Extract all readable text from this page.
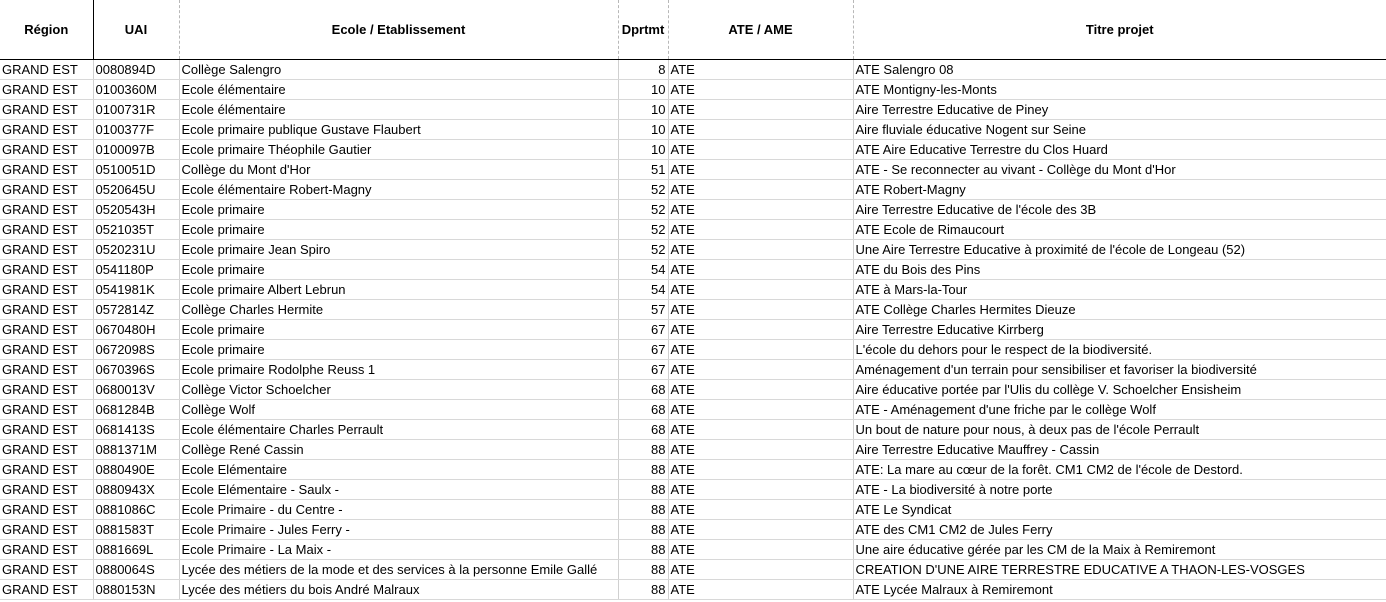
Région	UAI	Ecole / Etablissement	Dprtmt	ATE / AME	Titre projet
GRAND EST	0080894D	Collège Salengro	8	ATE	ATE Salengro 08
GRAND EST	0100360M	Ecole élémentaire	10	ATE	ATE Montigny-les-Monts
GRAND EST	0100731R	Ecole élémentaire	10	ATE	Aire Terrestre Educative de Piney
GRAND EST	0100377F	Ecole primaire publique Gustave Flaubert	10	ATE	Aire fluviale éducative Nogent sur Seine
GRAND EST	0100097B	Ecole primaire Théophile Gautier	10	ATE	ATE Aire Educative Terrestre du Clos Huard
GRAND EST	0510051D	Collège du Mont d'Hor	51	ATE	ATE - Se reconnecter au vivant - Collège du Mont d'Hor
GRAND EST	0520645U	Ecole élémentaire Robert-Magny	52	ATE	ATE Robert-Magny
GRAND EST	0520543H	Ecole primaire	52	ATE	Aire Terrestre Educative de l'école des 3B
GRAND EST	0521035T	Ecole primaire	52	ATE	ATE Ecole de Rimaucourt
GRAND EST	0520231U	Ecole primaire Jean Spiro	52	ATE	Une Aire Terrestre Educative à proximité de l'école de Longeau (52)
GRAND EST	0541180P	Ecole primaire	54	ATE	ATE du Bois des Pins
GRAND EST	0541981K	Ecole primaire Albert Lebrun	54	ATE	ATE à Mars-la-Tour
GRAND EST	0572814Z	Collège Charles Hermite	57	ATE	ATE Collège Charles Hermites Dieuze
GRAND EST	0670480H	Ecole primaire	67	ATE	Aire Terrestre Educative Kirrberg
GRAND EST	0672098S	Ecole primaire	67	ATE	L'école du dehors pour le respect de la biodiversité.
GRAND EST	0670396S	Ecole primaire Rodolphe Reuss 1	67	ATE	Aménagement d'un terrain pour sensibiliser et favoriser la biodiversité
GRAND EST	0680013V	Collège Victor Schoelcher	68	ATE	Aire éducative portée par l'Ulis du collège V. Schoelcher Ensisheim
GRAND EST	0681284B	Collège Wolf	68	ATE	ATE - Aménagement d'une friche par le collège Wolf
GRAND EST	0681413S	Ecole élémentaire Charles Perrault	68	ATE	Un bout de nature pour nous, à deux pas de l'école Perrault
GRAND EST	0881371M	Collège René Cassin	88	ATE	Aire Terrestre Educative Mauffrey - Cassin
GRAND EST	0880490E	Ecole Elémentaire	88	ATE	ATE: La mare au cœur de la forêt. CM1 CM2 de l'école de Destord.
GRAND EST	0880943X	Ecole Elémentaire - Saulx -	88	ATE	ATE - La biodiversité à notre porte
GRAND EST	0881086C	Ecole Primaire - du Centre -	88	ATE	ATE Le Syndicat
GRAND EST	0881583T	Ecole Primaire - Jules Ferry -	88	ATE	ATE des CM1 CM2 de Jules Ferry
GRAND EST	0881669L	Ecole Primaire - La Maix -	88	ATE	Une aire éducative gérée par les CM de la Maix à Remiremont
GRAND EST	0880064S	Lycée des métiers de la mode et des services à la personne Emile Gallé	88	ATE	CREATION D'UNE AIRE TERRESTRE EDUCATIVE A THAON-LES-VOSGES
GRAND EST	0880153N	Lycée des métiers du bois André Malraux	88	ATE	ATE Lycée Malraux à Remiremont
